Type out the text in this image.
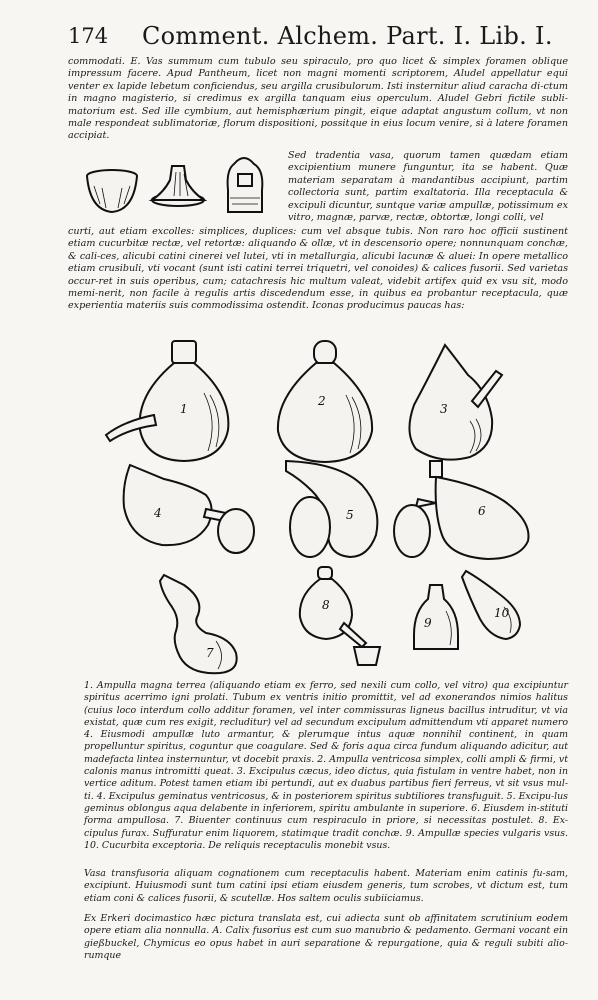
174 Comment. Alchem. Part. I. Lib. I.

commodati. E. Vas summum cum tubulo seu spiraculo, pro quo licet & simplex foramen oblique impressum facere. Apud Pantheum, licet non magni momenti scriptorem, Aludel appellatur equi venter ex lapide lebetum conficiendus, seu argilla crusibulorum. Isti insternitur aliud caracha di-ctum in magno magisterio, si credimus ex argilla tanquam eius operculum. Aludel Gebri fictile subli-matorium est. Sed ille cymbium, aut hemisphærium pingit, eique adaptat angustum collum, vt non male respondeat sublimatoriæ, florum dispositioni, possitque in eius locum venire, si à latere foramen accipiat.

Sed tradentia vasa, quorum tamen quædam etiam excipientium munere funguntur, ita se habent. Quæ materiam separatam à mandantibus accipiunt, partim collectoria sunt, partim exaltatoria. Illa receptacula & excipuli dicuntur, suntque variæ ampullæ, potissimum ex vitro, magnæ, parvæ, rectæ, obtortæ, longi colli, vel

curti, aut etiam excolles: simplices, duplices: cum vel absque tubis. Non raro hoc officii sustinent etiam cucurbitæ rectæ, vel retortæ: aliquando & ollæ, vt in descensorio opere; nonnunquam conchæ, & cali-ces, alicubi catini cinerei vel lutei, vti in metallurgia, alicubi lacunæ & aluei: In opere metallico etiam crusibuli, vti vocant (sunt isti catini terrei triquetri, vel conoides) & calices fusorii. Sed varietas occur-ret in suis operibus, cum; catachresis hic multum valeat, videbit artifex quid ex vsu sit, modo memi-nerit, non facile à regulis artis discedendum esse, in quibus ea probantur receptacula, quæ experientia materiis suis commodissima ostendit. Iconas producimus paucas has:

1
2
3
4	5	6
7
8
9
10

1. Ampulla magna terrea (aliquando etiam ex ferro, sed nexili cum collo, vel vitro) qua excipiuntur spiritus acerrimo igni prolati. Tubum ex ventris initio promittit, vel ad exonerandos nimios halitus (cuius loco interdum collo additur foramen, vel inter commissuras ligneus bacillus intruditur, vt via existat, quæ cum res exigit, recluditur) vel ad secundum excipulum admittendum vti apparet numero 4. Eiusmodi ampullæ luto armantur, & plerumque intus aquæ nonnihil continent, in quam propelluntur spiritus, coguntur que coagulare. Sed & foris aqua circa fundum aliquando adicitur, aut madefacta lintea insternuntur, vt docebit praxis. 2. Ampulla ventricosa simplex, colli ampli & firmi, vt calonis manus intromitti queat. 3. Excipulus cæcus, ideo dictus, quia fistulam in ventre habet, non in vertice aditum. Potest tamen etiam ibi pertundi, aut ex duabus partibus fieri ferreus, vt sit vsus mul-ti. 4. Excipulus geminatus ventricosus, & in posteriorem spiritus subtiliores transfuguit. 5. Excipu-lus geminus oblongus aqua delabente in inferiorem, spiritu ambulante in superiore. 6. Eiusdem in-stituti forma ampullosa. 7. Biuenter continuus cum respiraculo in priore, si necessitas postulet. 8. Ex-cipulus furax. Suffuratur enim liquorem, statimque tradit conchæ. 9. Ampullæ species vulgaris vsus. 10. Cucurbita exceptoria. De reliquis receptaculis monebit vsus.

Vasa transfusoria aliquam cognationem cum receptaculis habent. Materiam enim catinis fu-sam, excipiunt. Huiusmodi sunt tum catini ipsi etiam eiusdem generis, tum scrobes, vt dictum est, tum etiam coni & calices fusorii, & scutellæ. Hos saltem oculis subiiciamus.

Ex Erkeri docimastico hæc pictura translata est, cui adiecta sunt ob affinitatem scrutinium eodem opere etiam alia nonnulla. A. Calix fusorius est cum suo manubrio & pedamento. Germani vocant ein gießbuckel, Chymicus eo opus habet in auri separatione & repurgatione, quia & reguli subiti alio-rumque
